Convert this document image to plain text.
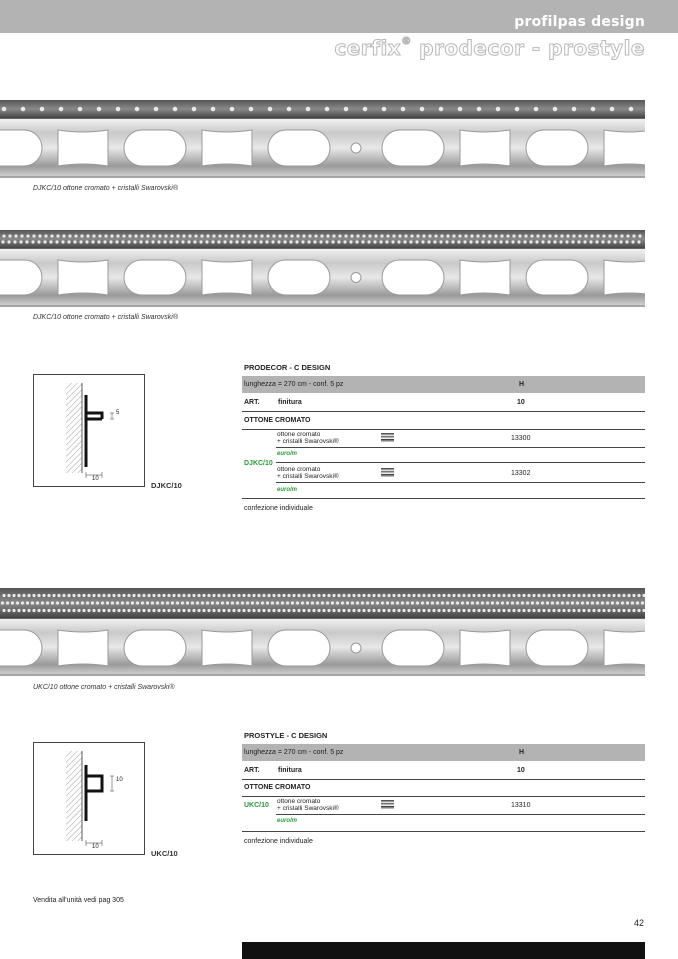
profilpas design
cerfix® prodecor - prostyle
DJKC/10 ottone cromato + cristalli Swarovski®
DJKC/10 ottone cromato + cristalli Swarovski®
5
10
DJKC/10
PRODECOR - C DESIGN
lunghezza = 270 cm - conf. 5 pz	H
ART.	finitura	10
OTTONE CROMATO
DJKC/10
ottone cromato
+ cristalli Swarovski®	13300
euro/m
ottone cromato
+ cristalli Swarovski®	13302
euro/m
confezione individuale
UKC/10 ottone cromato + cristalli Swarovski®
10
10
UKC/10
PROSTYLE - C DESIGN
lunghezza = 270 cm - conf. 5 pz	H
ART.	finitura	10
OTTONE CROMATO
UKC/10
ottone cromato
+ cristalli Swarovski®	13310
euro/m
confezione individuale
Vendita all'unità vedi pag 305
42
